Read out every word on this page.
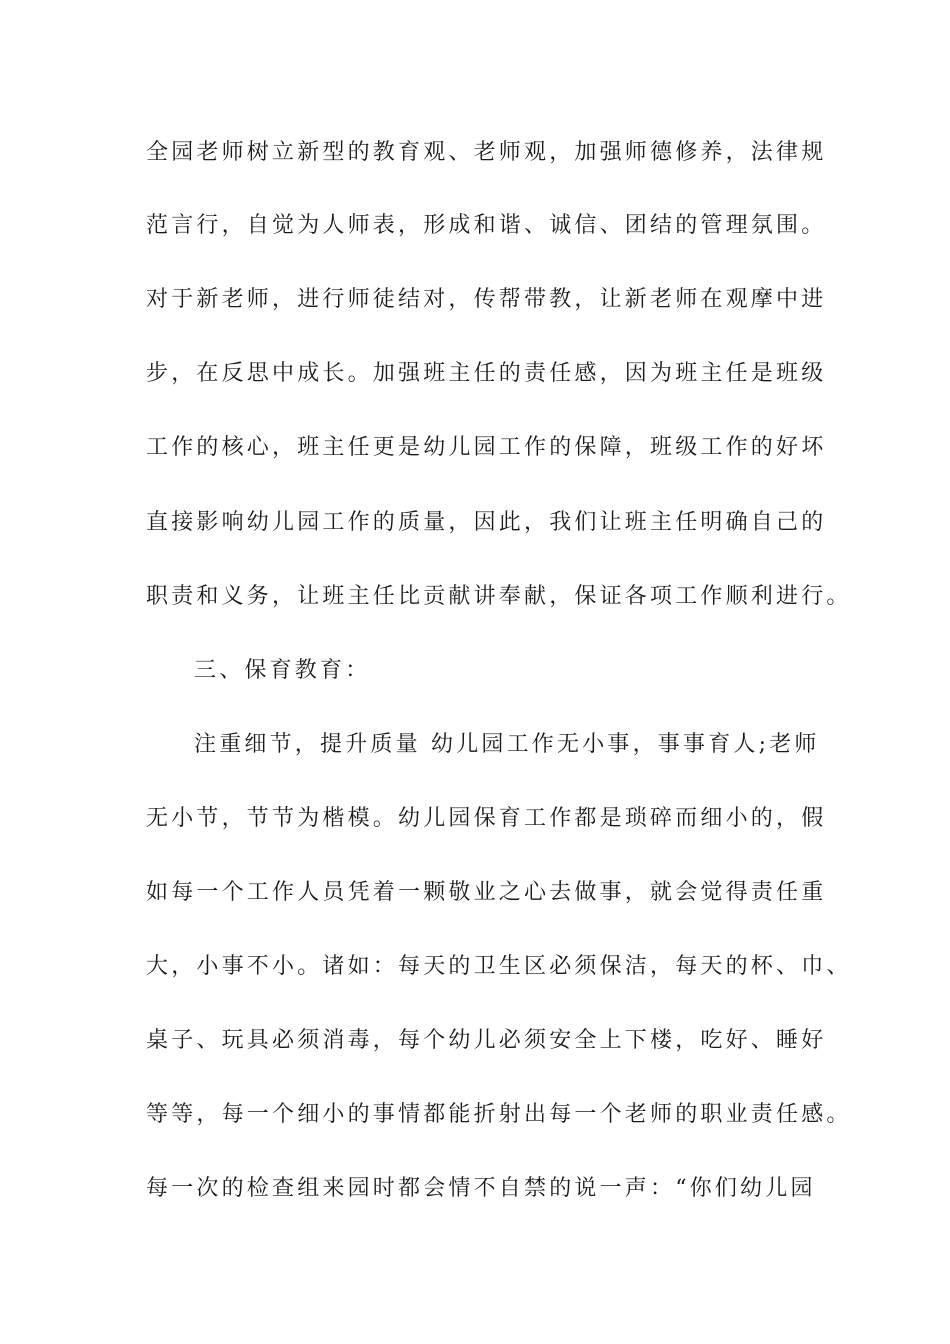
全园老师树立新型的教育观、老师观，加强师德修养，法律规
范言行，自觉为人师表，形成和谐、诚信、团结的管理氛围。
对于新老师，进行师徒结对，传帮带教，让新老师在观摩中进
步，在反思中成长。加强班主任的责任感，因为班主任是班级
工作的核心，班主任更是幼儿园工作的保障，班级工作的好坏
直接影响幼儿园工作的质量，因此，我们让班主任明确自己的
职责和义务，让班主任比贡献讲奉献，保证各项工作顺利进行。
三、保育教育：
注重细节，提升质量 幼儿园工作无小事，事事育人;老师
无小节，节节为楷模。幼儿园保育工作都是琐碎而细小的，假
如每一个工作人员凭着一颗敬业之心去做事，就会觉得责任重
大，小事不小。诸如：每天的卫生区必须保洁，每天的杯、巾、
桌子、玩具必须消毒，每个幼儿必须安全上下楼，吃好、睡好
等等，每一个细小的事情都能折射出每一个老师的职业责任感。
每一次的检查组来园时都会情不自禁的说一声：“你们幼儿园
